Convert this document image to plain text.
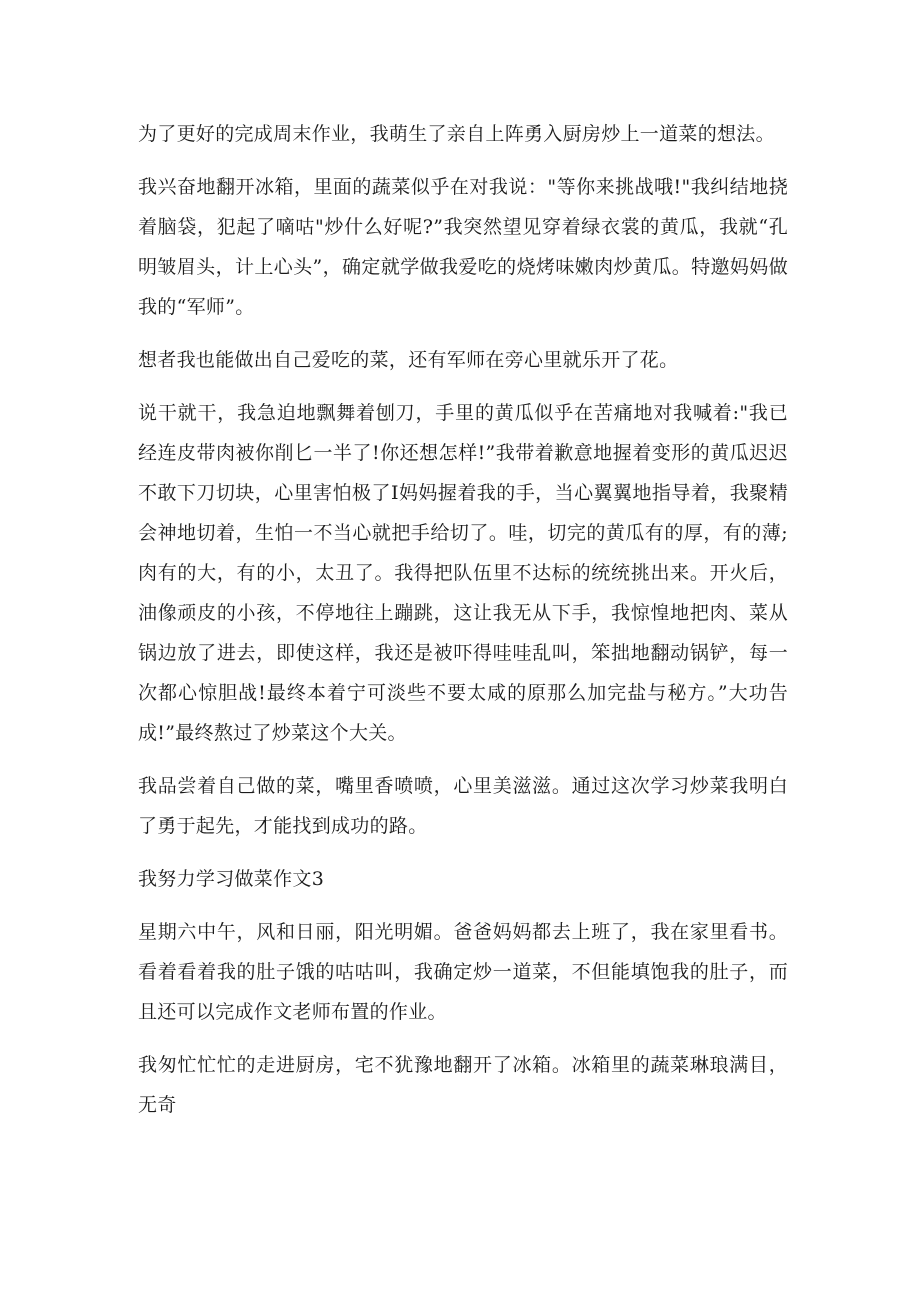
为了更好的完成周末作业，我萌生了亲自上阵勇入厨房炒上一道菜的想法。

我兴奋地翻开冰箱，里面的蔬菜似乎在对我说："等你来挑战哦!"我纠结地挠着脑袋，犯起了嘀咕"炒什么好呢?”我突然望见穿着绿衣裳的黄瓜，我就“孔明皱眉头，计上心头”，确定就学做我爱吃的烧烤味嫩肉炒黄瓜。特邀妈妈做我的“军师”。

想者我也能做出自己爱吃的菜，还有军师在旁心里就乐开了花。

说干就干，我急迫地飘舞着刨刀，手里的黄瓜似乎在苦痛地对我喊着:"我已经连皮带肉被你削匕一半了!你还想怎样!”我带着歉意地握着变形的黄瓜迟迟不敢下刀切块，心里害怕极了I妈妈握着我的手，当心翼翼地指导着，我聚精会神地切着，生怕一不当心就把手给切了。哇，切完的黄瓜有的厚，有的薄;肉有的大，有的小，太丑了。我得把队伍里不达标的统统挑出来。开火后，油像顽皮的小孩，不停地往上蹦跳，这让我无从下手，我惊惶地把肉、菜从锅边放了进去，即使这样，我还是被吓得哇哇乱叫，笨拙地翻动锅铲，每一次都心惊胆战!最终本着宁可淡些不要太咸的原那么加完盐与秘方。”大功告成!”最终熬过了炒菜这个大关。

我品尝着自己做的菜，嘴里香喷喷，心里美滋滋。通过这次学习炒菜我明白了勇于起先，才能找到成功的路。

我努力学习做菜作文3

星期六中午，风和日丽，阳光明媚。爸爸妈妈都去上班了，我在家里看书。看着看着我的肚子饿的咕咕叫，我确定炒一道菜，不但能填饱我的肚子，而且还可以完成作文老师布置的作业。

我匆忙忙忙的走进厨房，宅不犹豫地翻开了冰箱。冰箱里的蔬菜琳琅满目，无奇
